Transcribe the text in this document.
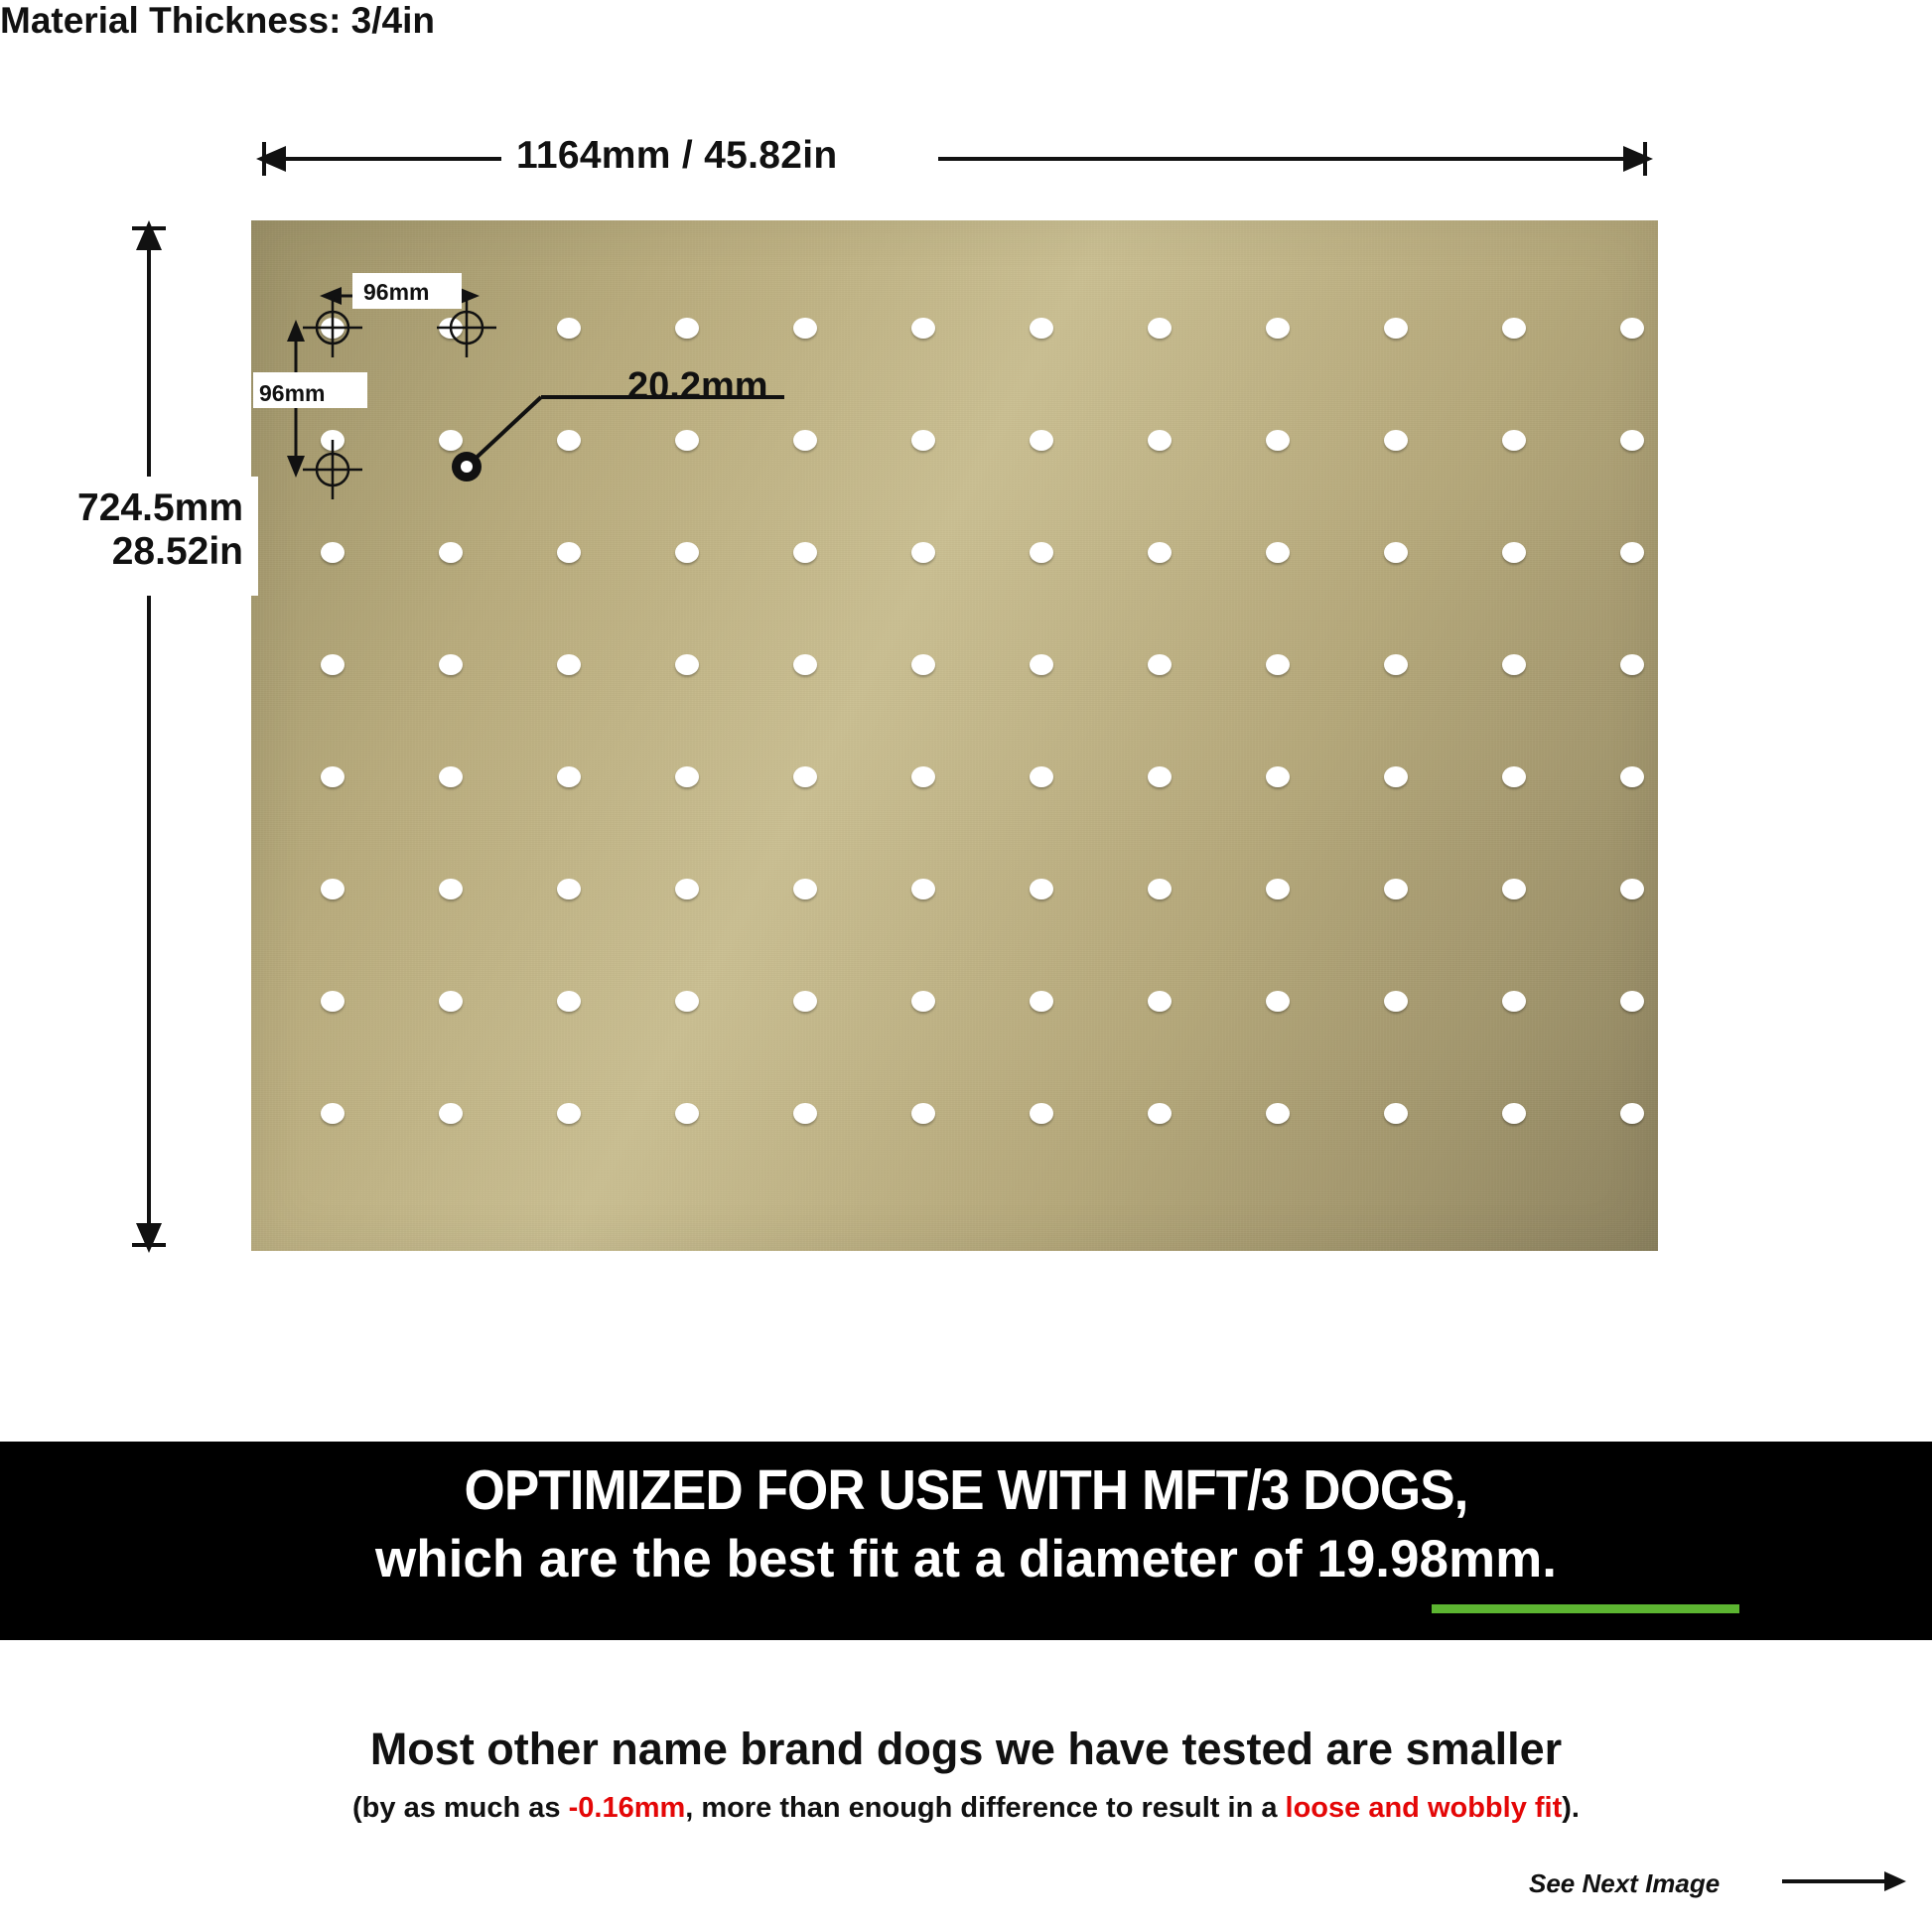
1164mm / 45.82in
724.5mm
28.52in
20.2mm
96mm
96mm
Material Thickness: 3/4in
OPTIMIZED FOR USE WITH MFT/3 DOGS,
which are the best fit at a diameter of 19.98mm.
Most other name brand dogs we have tested are smaller
(by as much as -0.16mm, more than enough difference to result in a loose and wobbly fit).
See Next Image
